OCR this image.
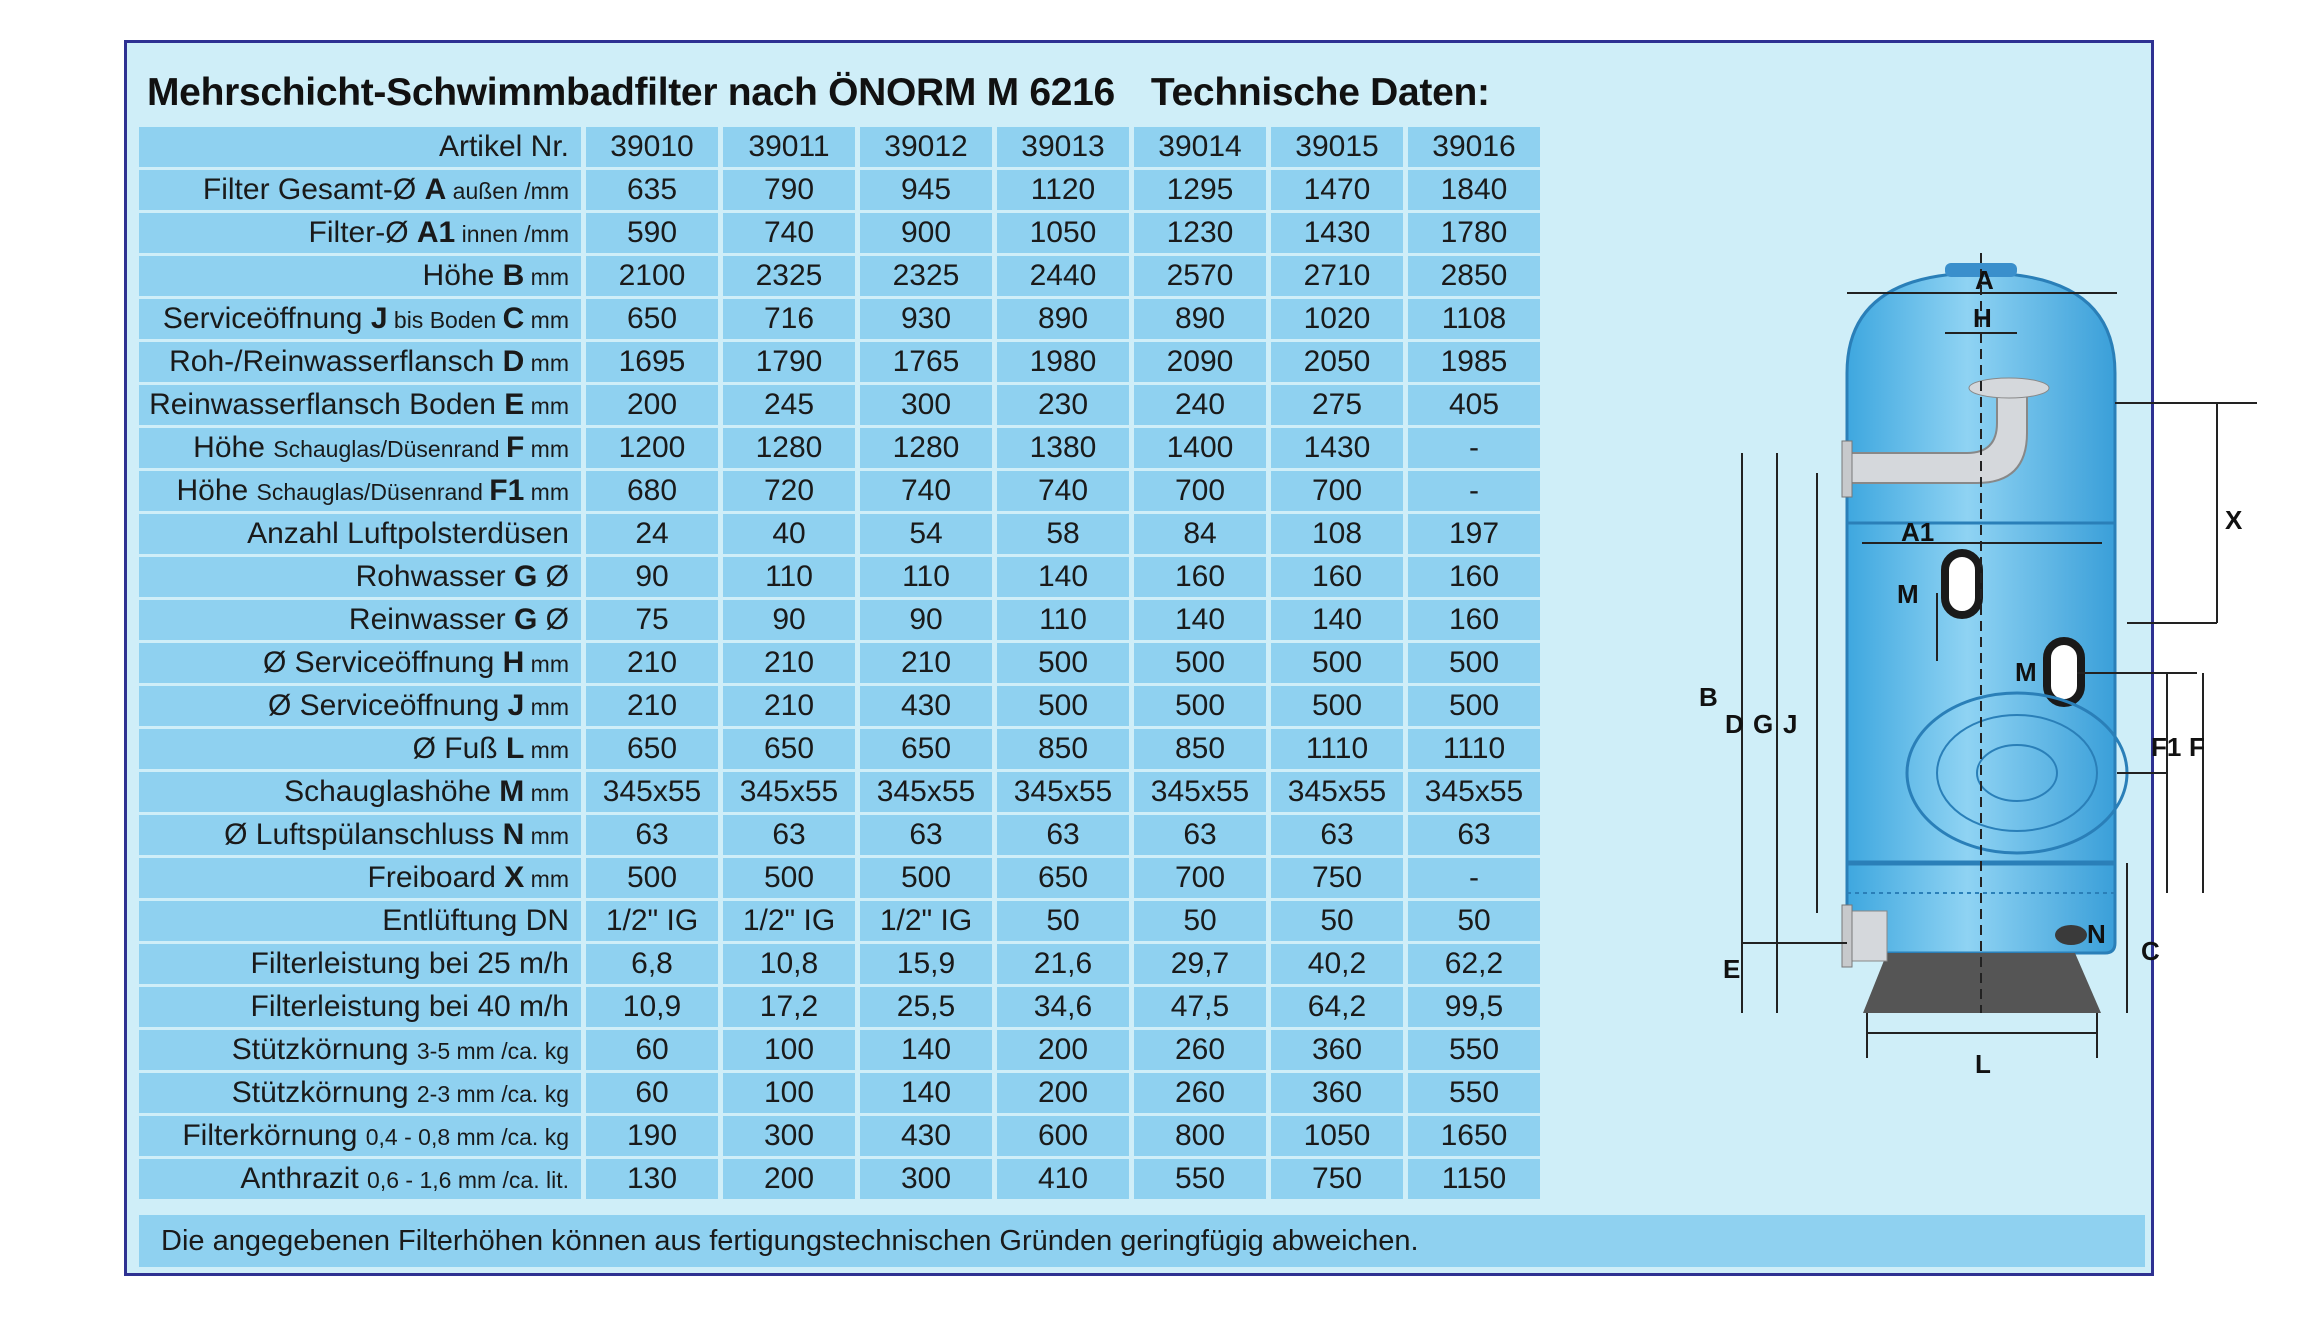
Mehrschicht-Schwimmbadfilter nach ÖNORM M 6216 Technische Daten:
Artikel Nr.	39010	39011	39012	39013	39014	39015	39016
Filter Gesamt-Ø A außen /mm	635	790	945	1120	1295	1470	1840
Filter-Ø A1 innen /mm	590	740	900	1050	1230	1430	1780
Höhe B mm	2100	2325	2325	2440	2570	2710	2850
Serviceöffnung J bis Boden C mm	650	716	930	890	890	1020	1108
Roh-/Reinwasserflansch D mm	1695	1790	1765	1980	2090	2050	1985
Reinwasserflansch Boden E mm	200	245	300	230	240	275	405
Höhe Schauglas/Düsenrand F mm	1200	1280	1280	1380	1400	1430	-
Höhe Schauglas/Düsenrand F1 mm	680	720	740	740	700	700	-
Anzahl Luftpolsterdüsen	24	40	54	58	84	108	197
Rohwasser G Ø	90	110	110	140	160	160	160
Reinwasser G Ø	75	90	90	110	140	140	160
Ø Serviceöffnung H mm	210	210	210	500	500	500	500
Ø Serviceöffnung J mm	210	210	430	500	500	500	500
Ø Fuß L mm	650	650	650	850	850	1110	1110
Schauglashöhe M mm	345x55	345x55	345x55	345x55	345x55	345x55	345x55
Ø Luftspülanschluss N mm	63	63	63	63	63	63	63
Freiboard X mm	500	500	500	650	700	750	-
Entlüftung DN	1/2" IG	1/2" IG	1/2" IG	50	50	50	50
Filterleistung bei 25 m/h	6,8	10,8	15,9	21,6	29,7	40,2	62,2
Filterleistung bei 40 m/h	10,9	17,2	25,5	34,6	47,5	64,2	99,5
Stützkörnung 3-5 mm /ca. kg	60	100	140	200	260	360	550
Stützkörnung 2-3 mm /ca. kg	60	100	140	200	260	360	550
Filterkörnung 0,4 - 0,8 mm /ca. kg	190	300	430	600	800	1050	1650
Anthrazit 0,6 - 1,6 mm /ca. lit.	130	200	300	410	550	750	1150
Die angegebenen Filterhöhen können aus fertigungstechnischen Gründen geringfügig abweichen.
A
H
X
A1
M
M
B
D G J
F1 F
E
N
C
L
